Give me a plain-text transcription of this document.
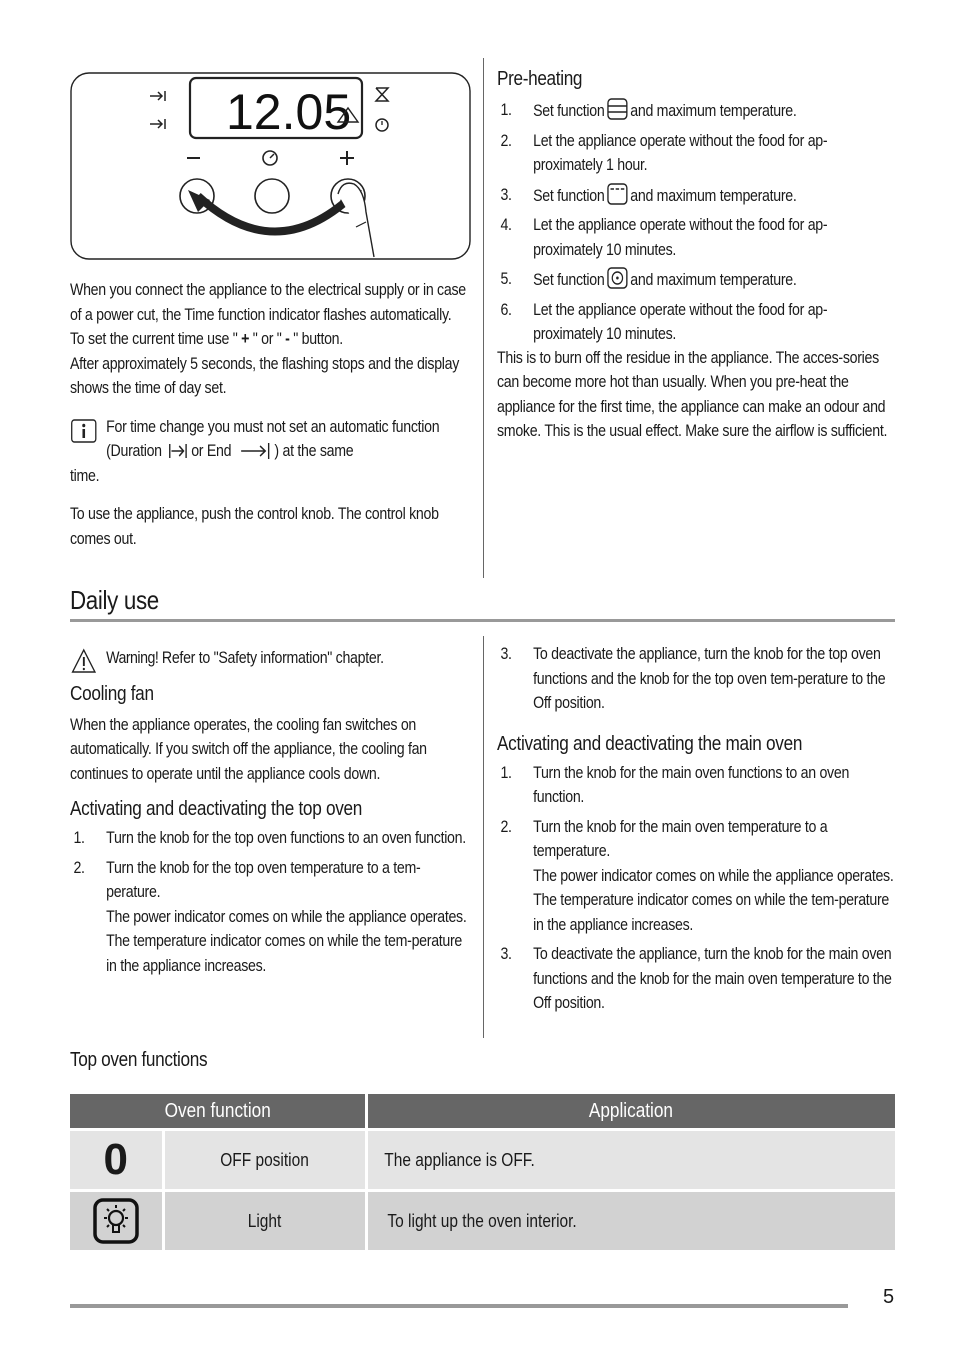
12.05
When you connect the appliance to the electrical supply or in case of a power cut, the Time function indicator flashes automatically.
To set the current time use " + " or " - " button.
After approximately 5 seconds, the flashing stops and the display shows the time of day set.
For time change you must not set an automatic function (Duration or End	) at the same
time.
To use the appliance, push the control knob. The control knob comes out.
Pre-heating
1. Set function and maximum temperature.
2. Let the appliance operate without the food for ap-proximately 1 hour.
3. Set function and maximum temperature.
4. Let the appliance operate without the food for ap-proximately 10 minutes.
5. Set function and maximum temperature.
6. Let the appliance operate without the food for ap-proximately 10 minutes.
This is to burn off the residue in the appliance. The acces-sories can become more hot than usually. When you pre-heat the appliance for the first time, the appliance can make an odour and smoke. This is the usual effect. Make sure the airflow is sufficient.
Daily use
Warning! Refer to "Safety information" chapter.
Cooling fan
When the appliance operates, the cooling fan switches on automatically. If you switch off the appliance, the cooling fan continues to operate until the appliance cools down.
Activating and deactivating the top oven
1. Turn the knob for the top oven functions to an oven function.
2. Turn the knob for the top oven temperature to a tem-perature.
The power indicator comes on while the appliance operates.
The temperature indicator comes on while the tem-perature in the appliance increases.
3. To deactivate the appliance, turn the knob for the top oven functions and the knob for the top oven tem-perature to the Off position.
Activating and deactivating the main oven
1. Turn the knob for the main oven functions to an oven function.
2. Turn the knob for the main oven temperature to a temperature.
The power indicator comes on while the appliance operates.
The temperature indicator comes on while the tem-perature in the appliance increases.
3. To deactivate the appliance, turn the knob for the main oven functions and the knob for the main oven temperature to the Off position.
Top oven functions
Oven function		Application
0	OFF position	The appliance is OFF.
	Light	To light up the oven interior.
5
